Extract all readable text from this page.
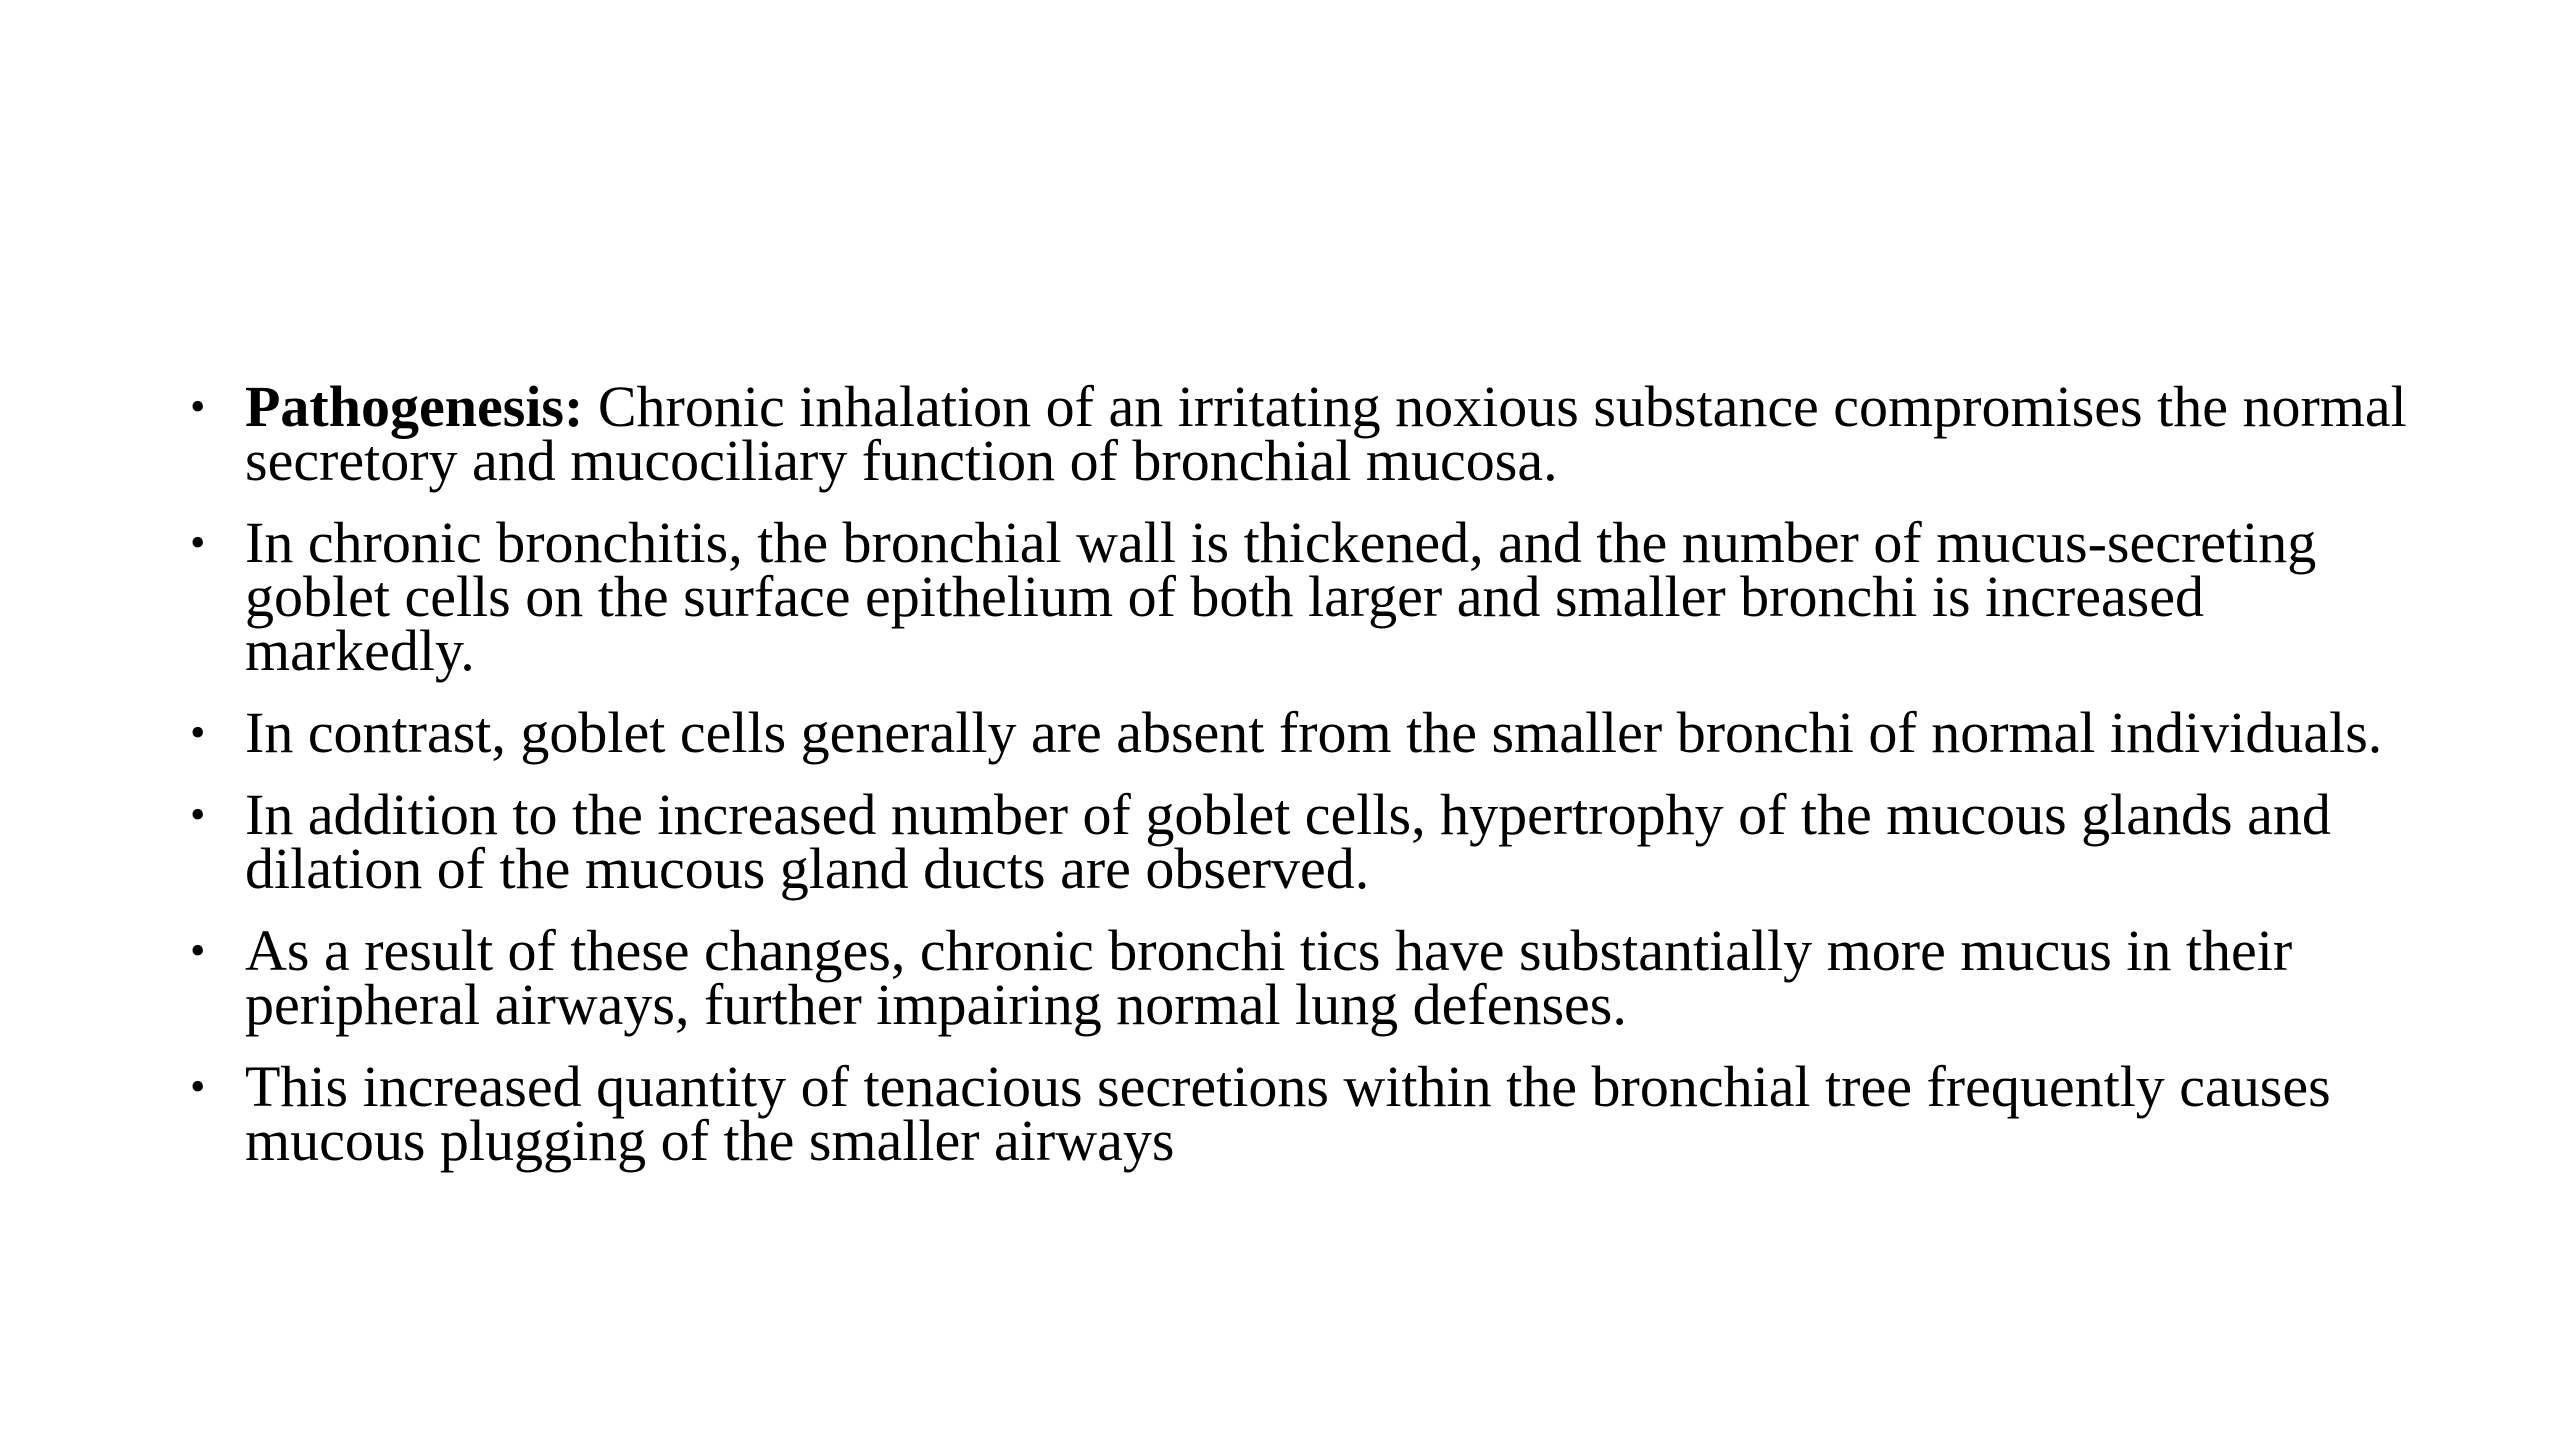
• Pathogenesis: Chronic inhalation of an irritating noxious substance compromises the normal secretory and mucociliary function of bronchial mucosa.
• In chronic bronchitis, the bronchial wall is thickened, and the number of mucus-secreting goblet cells on the surface epithelium of both larger and smaller bronchi is increased markedly.
• In contrast, goblet cells generally are absent from the smaller bronchi of normal individuals.
• In addition to the increased number of goblet cells, hypertrophy of the mucous glands and dilation of the mucous gland ducts are observed.
• As a result of these changes, chronic bronchi tics have substantially more mucus in their peripheral airways, further impairing normal lung defenses.
• This increased quantity of tenacious secretions within the bronchial tree frequently causes mucous plugging of the smaller airways
